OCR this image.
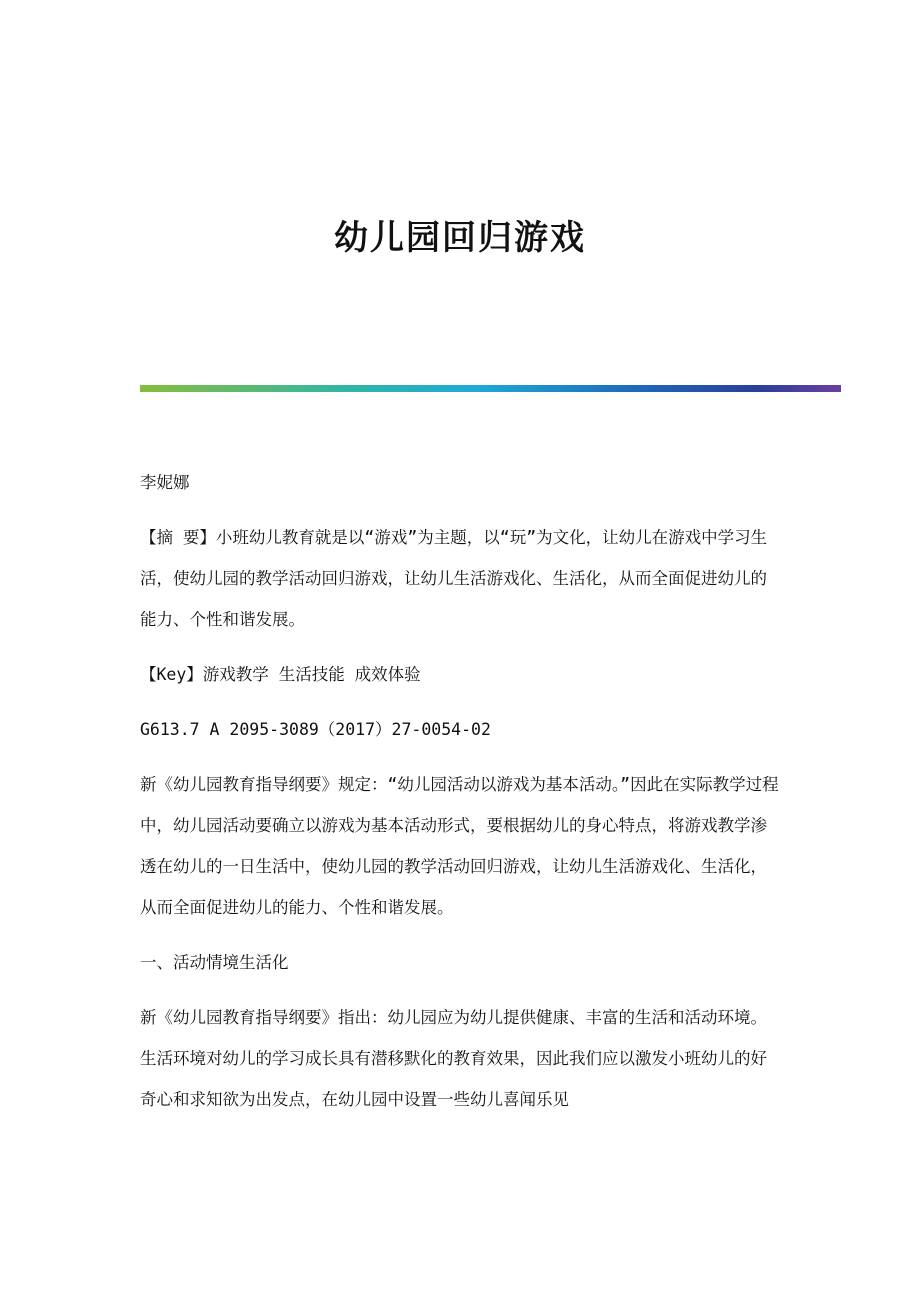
幼儿园回归游戏

李妮娜

【摘 要】小班幼儿教育就是以“游戏”为主题，以“玩”为文化，让幼儿在游戏中学习生活，使幼儿园的教学活动回归游戏，让幼儿生活游戏化、生活化，从而全面促进幼儿的能力、个性和谐发展。

【Key】游戏教学 生活技能 成效体验

G613.7 A 2095-3089（2017）27-0054-02

新《幼儿园教育指导纲要》规定：“幼儿园活动以游戏为基本活动。”因此在实际教学过程中，幼儿园活动要确立以游戏为基本活动形式，要根据幼儿的身心特点，将游戏教学渗透在幼儿的一日生活中，使幼儿园的教学活动回归游戏，让幼儿生活游戏化、生活化，从而全面促进幼儿的能力、个性和谐发展。

一、活动情境生活化

新《幼儿园教育指导纲要》指出：幼儿园应为幼儿提供健康、丰富的生活和活动环境。生活环境对幼儿的学习成长具有潜移默化的教育效果，因此我们应以激发小班幼儿的好奇心和求知欲为出发点，在幼儿园中设置一些幼儿喜闻乐见
